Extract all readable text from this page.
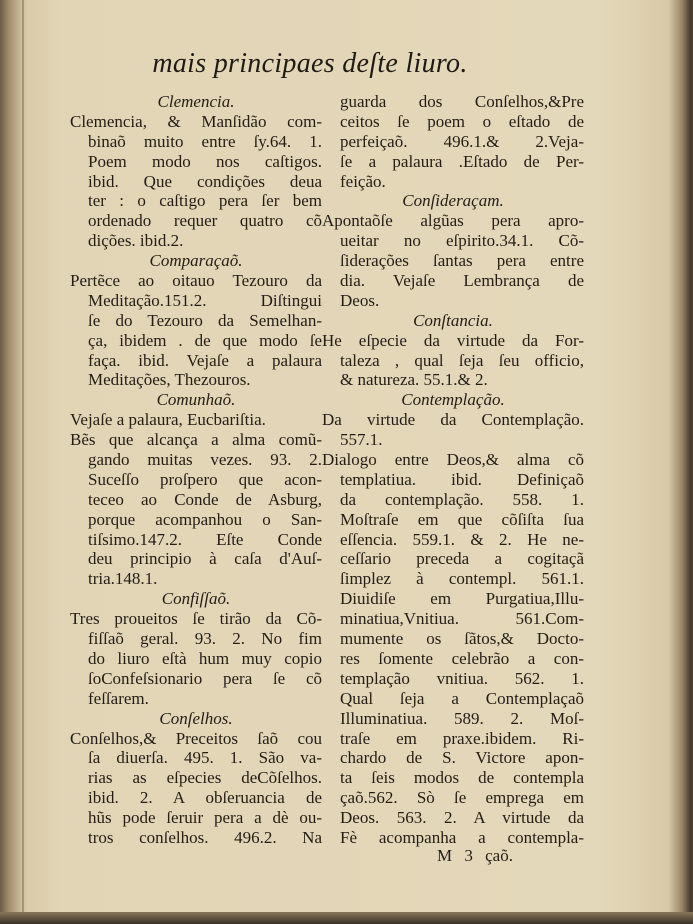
mais principaes deſte liuro.
Clemencia.
Clemencia, & Manſidão com-
binaõ muito entre ſy.64. 1.
Poem modo nos caſtigos.
ibid. Que condições deua
ter : o caſtigo pera ſer bem
ordenado requer quatro cõ
dições. ibid.2.
Comparaçaõ.
Pertẽce ao oitauo Tezouro da
Meditação.151.2. Diſtingui
ſe do Tezouro da Semelhan-
ça, ibidem . de que modo ſe
faça. ibid. Vejaſe a palaura
Meditações, Thezouros.
Comunhaõ.
Vejaſe a palaura, Eucbariſtia.
Bẽs que alcança a alma comũ-
gando muitas vezes. 93. 2.
Suceſſo proſpero que acon-
teceo ao Conde de Asburg,
porque acompanhou o San-
tiſsimo.147.2. Eſte Conde
deu principio à caſa d'Auſ-
tria.148.1.
Confiſſaõ.
Tres proueitos ſe tirão da Cõ-
fiſſaõ geral. 93. 2. No fim
do liuro eſtà hum muy copio
ſoConfeſsionario pera ſe cõ
feſſarem.
Conſelhos.
Conſelhos,& Preceitos ſaõ cou
ſa diuerſa. 495. 1. São va-
rias as eſpecies deCõſelhos.
ibid. 2. A obſeruancia de
hũs pode ſeruir pera a dè ou-
tros conſelhos. 496.2. Na
guarda dos Conſelhos,&Pre
ceitos ſe poem o eſtado de
perfeiçaõ. 496.1.& 2.Veja-
ſe a palaura .Eſtado de Per-
feição.
Conſideraçam.
Apontaõſe algũas pera apro-
ueitar no eſpirito.34.1. Cõ-
ſiderações ſantas pera entre
dia. Vejaſe Lembrança de
Deos.
Conſtancia.
He eſpecie da virtude da For-
taleza , qual ſeja ſeu officio,
& natureza. 55.1.& 2.
Contemplação.
Da virtude da Contemplação.
557.1.
Dialogo entre Deos,& alma cõ
templatiua. ibid. Definiçaõ
da contemplação. 558. 1.
Moſtraſe em que cõſiſta ſua
eſſencia. 559.1. & 2. He ne-
ceſſario preceda a cogitaçã
ſimplez à contempl. 561.1.
Diuidiſe em Purgatiua,Illu-
minatiua,Vnitiua. 561.Com-
mumente os ſãtos,& Doctо-
res ſomente celebrão a con-
templação vnitiua. 562. 1.
Qual ſeja a Contemplaçaõ
Illuminatiua. 589. 2. Moſ-
traſe em praxe.ibidem. Ri-
chardo de S. Victore apon-
ta ſeis modos de contempla
çaõ.562. Sò ſe emprega em
Deos. 563. 2. A virtude da
Fè acompanha a contempla-
M 3 çaõ.
